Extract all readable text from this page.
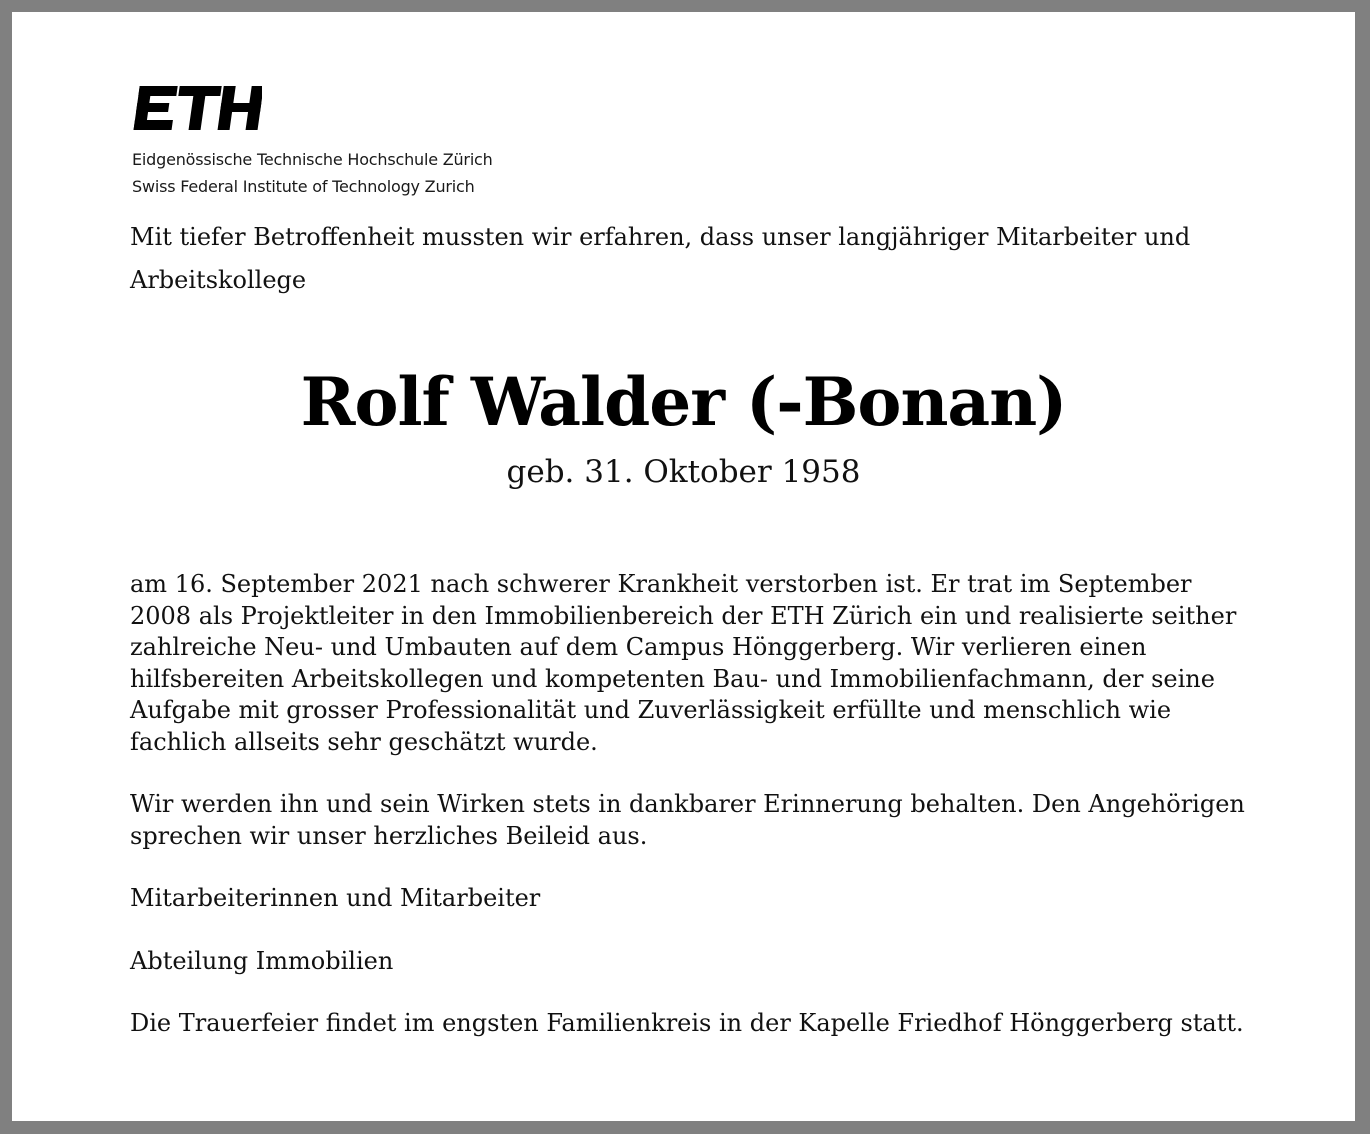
Eidgenössische Technische Hochschule Zürich
Swiss Federal Institute of Technology Zurich
Mit tiefer Betroffenheit mussten wir erfahren, dass unser langjähriger Mitarbeiter und Arbeitskollege
Rolf Walder (-Bonan)
geb. 31. Oktober 1958

am 16. September 2021 nach schwerer Krankheit verstorben ist. Er trat im September 2008 als Projektleiter in den Immobilienbereich der ETH Zürich ein und realisierte seither zahlreiche Neu- und Umbauten auf dem Campus Hönggerberg. Wir verlieren einen hilfsbereiten Arbeitskollegen und kompetenten Bau- und Immobilienfachmann, der seine Aufgabe mit grosser Professionalität und Zuverlässigkeit erfüllte und menschlich wie fachlich allseits sehr geschätzt wurde.

Wir werden ihn und sein Wirken stets in dankbarer Erinnerung behalten. Den Angehörigen sprechen wir unser herzliches Beileid aus.

Mitarbeiterinnen und Mitarbeiter

Abteilung Immobilien

Die Trauerfeier findet im engsten Familienkreis in der Kapelle Friedhof Hönggerberg statt.
